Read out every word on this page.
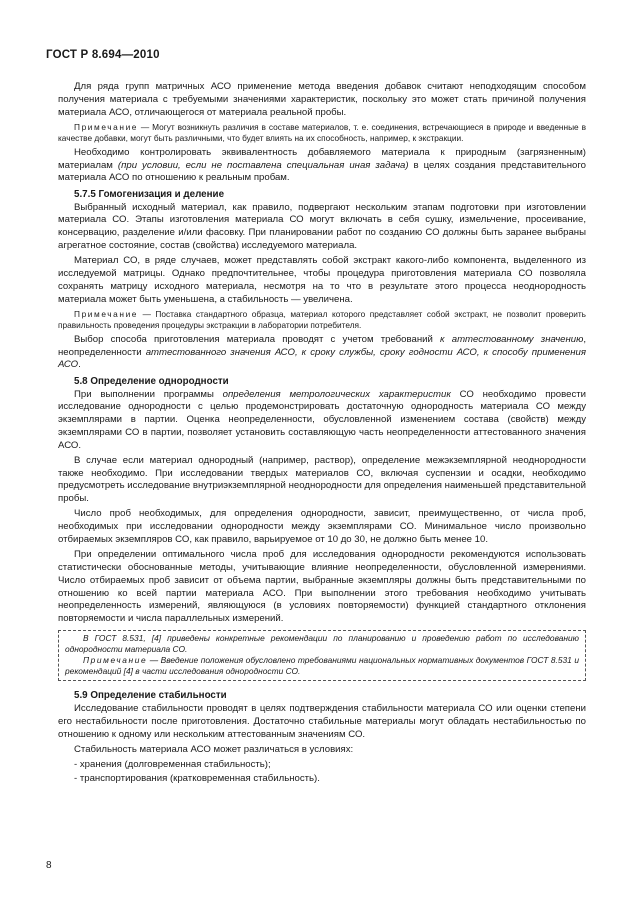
ГОСТ Р 8.694—2010

Для ряда групп матричных АСО применение метода введения добавок считают неподходящим способом получения материала с требуемыми значениями характеристик, поскольку это может стать причиной получения материала АСО, отличающегося от материала реальной пробы.

Примечание — Могут возникнуть различия в составе материалов, т. е. соединения, встречающиеся в природе и введенные в качестве добавки, могут быть различными, что будет влиять на их способность, например, к экстракции.

Необходимо контролировать эквивалентность добавляемого материала к природным (загрязненным) материалам (при условии, если не поставлена специальная иная задача) в целях создания представительного материала АСО по отношению к реальным пробам.

5.7.5 Гомогенизация и деление

Выбранный исходный материал, как правило, подвергают нескольким этапам подготовки при изготовлении материала СО. Этапы изготовления материала СО могут включать в себя сушку, измельчение, просеивание, консервацию, разделение и/или фасовку. При планировании работ по созданию СО должны быть заранее выбраны агрегатное состояние, состав (свойства) исследуемого материала.

Материал СО, в ряде случаев, может представлять собой экстракт какого-либо компонента, выделенного из исследуемой матрицы. Однако предпочтительнее, чтобы процедура приготовления материала СО позволяла сохранять матрицу исходного материала, несмотря на то что в результате этого процесса неоднородность материала может быть уменьшена, а стабильность — увеличена.

Примечание — Поставка стандартного образца, материал которого представляет собой экстракт, не позволит проверить правильность проведения процедуры экстракции в лаборатории потребителя.

Выбор способа приготовления материала проводят с учетом требований к аттестованному значению, неопределенности аттестованного значения АСО, к сроку службы, сроку годности АСО, к способу применения АСО.

5.8 Определение однородности

При выполнении программы определения метрологических характеристик СО необходимо провести исследование однородности с целью продемонстрировать достаточную однородность материала СО между экземплярами в партии. Оценка неопределенности, обусловленной изменением состава (свойств) между экземплярами СО в партии, позволяет установить составляющую часть неопределенности аттестованного значения АСО.

В случае если материал однородный (например, раствор), определение межэкземплярной неоднородности также необходимо. При исследовании твердых материалов СО, включая суспензии и осадки, необходимо предусмотреть исследование внутриэкземплярной неоднородности для определения наименьшей представительной пробы.

Число проб необходимых, для определения однородности, зависит, преимущественно, от числа проб, необходимых при исследовании однородности между экземплярами СО. Минимальное число произвольно отбираемых экземпляров СО, как правило, варьируемое от 10 до 30, не должно быть менее 10.

При определении оптимального числа проб для исследования однородности рекомендуются использовать статистически обоснованные методы, учитывающие влияние неопределенности, обусловленной измерениями. Число отбираемых проб зависит от объема партии, выбранные экземпляры должны быть представительными по отношению ко всей партии материала АСО. При выполнении этого требования необходимо учитывать неопределенность измерений, являющуюся (в условиях повторяемости) функцией стандартного отклонения повторяемости и числа параллельных измерений.

В ГОСТ 8.531, [4] приведены конкретные рекомендации по планированию и проведению работ по исследованию однородности материала СО.

Примечание — Введение положения обусловлено требованиями национальных нормативных документов ГОСТ 8.531 и рекомендаций [4] в части исследования однородности СО.

5.9 Определение стабильности

Исследование стабильности проводят в целях подтверждения стабильности материала СО или оценки степени его нестабильности после приготовления. Достаточно стабильные материалы могут обладать нестабильностью по отношению к одному или нескольким аттестованным значениям СО.

Стабильность материала АСО может различаться в условиях:

- хранения (долговременная стабильность);

- транспортирования (кратковременная стабильность).

8
